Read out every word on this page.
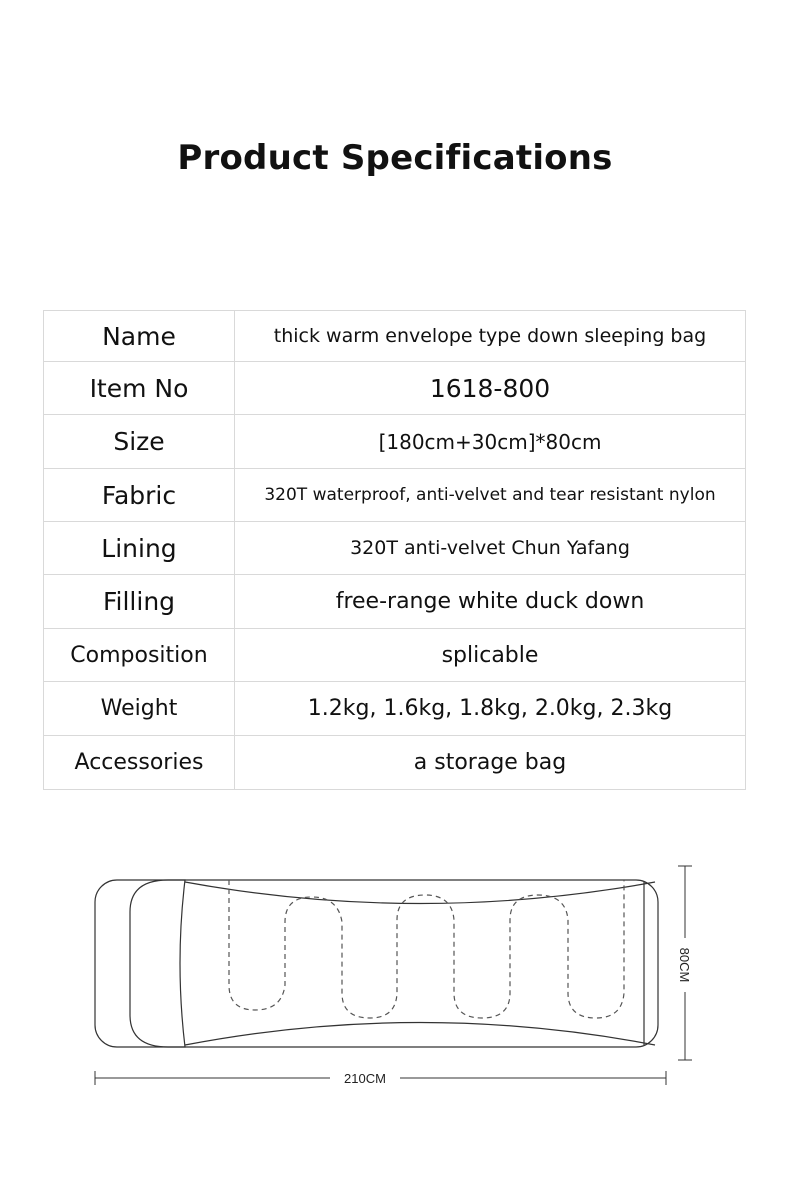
Product Specifications
Name	thick warm envelope type down sleeping bag
Item No	1618-800
Size	[180cm+30cm]*80cm
Fabric	320T waterproof, anti-velvet and tear resistant nylon
Lining	320T anti-velvet Chun Yafang
Filling	free-range white duck down
Composition	splicable
Weight	1.2kg, 1.6kg, 1.8kg, 2.0kg, 2.3kg
Accessories	a storage bag
210CM
80CM
